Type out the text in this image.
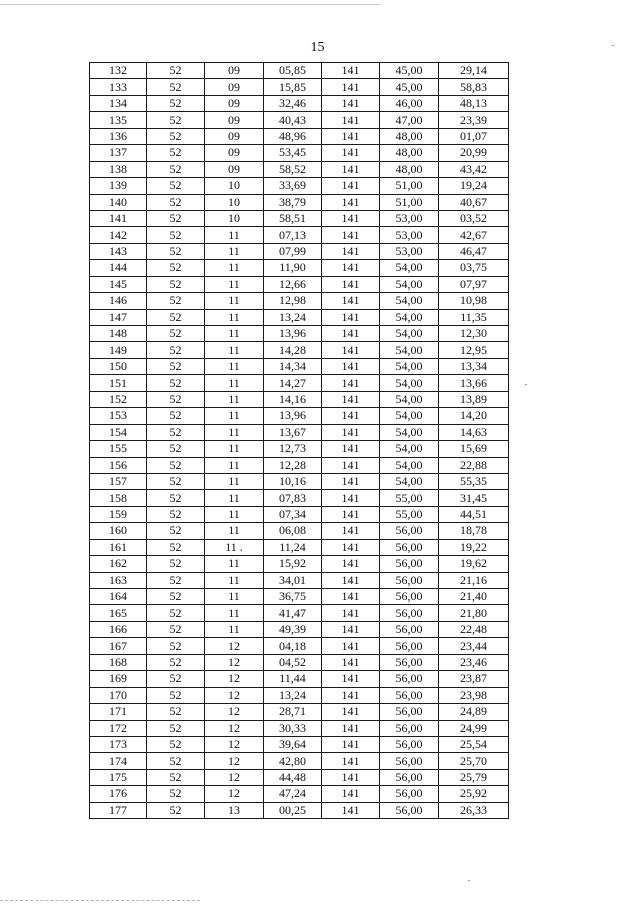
15
132	52	09	05,85	141	45,00	29,14
133	52	09	15,85	141	45,00	58,83
134	52	09	32,46	141	46,00	48,13
135	52	09	40,43	141	47,00	23,39
136	52	09	48,96	141	48,00	01,07
137	52	09	53,45	141	48,00	20,99
138	52	09	58,52	141	48,00	43,42
139	52	10	33,69	141	51,00	19,24
140	52	10	38,79	141	51,00	40,67
141	52	10	58,51	141	53,00	03,52
142	52	11	07,13	141	53,00	42,67
143	52	11	07,99	141	53,00	46,47
144	52	11	11,90	141	54,00	03,75
145	52	11	12,66	141	54,00	07,97
146	52	11	12,98	141	54,00	10,98
147	52	11	13,24	141	54,00	11,35
148	52	11	13,96	141	54,00	12,30
149	52	11	14,28	141	54,00	12,95
150	52	11	14,34	141	54,00	13,34
151	52	11	14,27	141	54,00	13,66
152	52	11	14,16	141	54,00	13,89
153	52	11	13,96	141	54,00	14,20
154	52	11	13,67	141	54,00	14,63
155	52	11	12,73	141	54,00	15,69
156	52	11	12,28	141	54,00	22,88
157	52	11	10,16	141	54,00	55,35
158	52	11	07,83	141	55,00	31,45
159	52	11	07,34	141	55,00	44,51
160	52	11	06,08	141	56,00	18,78
161	52	11 .	11,24	141	56,00	19,22
162	52	11	15,92	141	56,00	19,62
163	52	11	34,01	141	56,00	21,16
164	52	11	36,75	141	56,00	21,40
165	52	11	41,47	141	56,00	21,80
166	52	11	49,39	141	56,00	22,48
167	52	12	04,18	141	56,00	23,44
168	52	12	04,52	141	56,00	23,46
169	52	12	11,44	141	56,00	23,87
170	52	12	13,24	141	56,00	23,98
171	52	12	28,71	141	56,00	24,89
172	52	12	30,33	141	56,00	24,99
173	52	12	39,64	141	56,00	25,54
174	52	12	42,80	141	56,00	25,70
175	52	12	44,48	141	56,00	25,79
176	52	12	47,24	141	56,00	25,92
177	52	13	00,25	141	56,00	26,33
